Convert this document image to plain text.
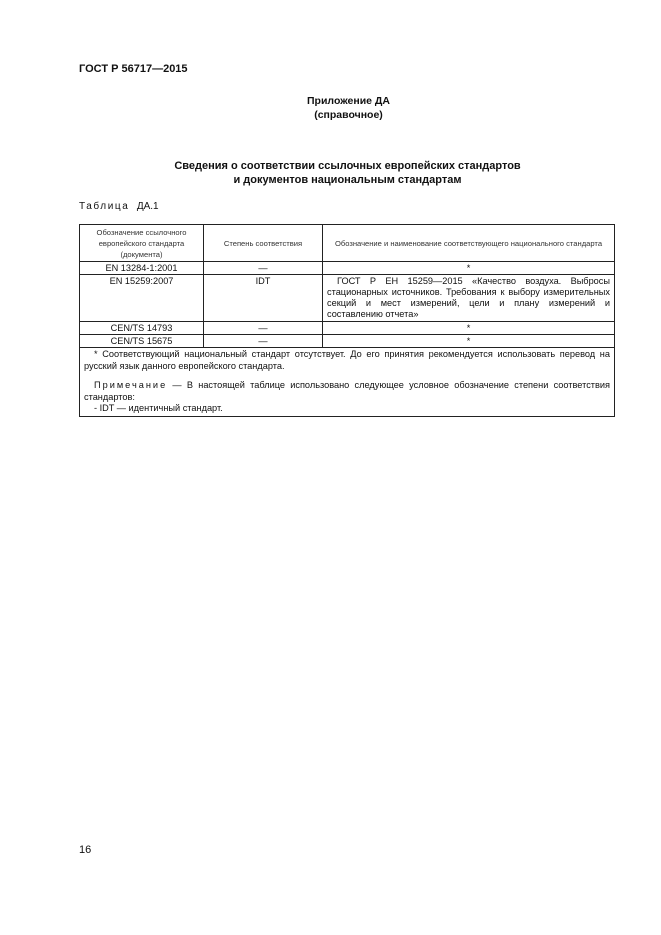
ГОСТ Р 56717—2015
Приложение ДА
(справочное)
Сведения о соответствии ссылочных европейских стандартов
и документов национальным стандартам
Таблица ДА.1
Обозначение ссылочного европейского стандарта (документа)	Степень соответствия	Обозначение и наименование соответствующего национального стандарта
EN 13284-1:2001	—	*
EN 15259:2007	IDT	ГОСТ Р ЕН 15259—2015 «Качество воздуха. Выбросы стационарных источников. Требования к выбору измерительных секций и мест измерений, цели и плану измерений и составлению отчета»

CEN/TS 14793	—	*
CEN/TS 15675	—	*

* Соответствующий национальный стандарт отсутствует. До его принятия рекомендуется использовать перевод на русский язык данного европейского стандарта.
Примечание — В настоящей таблице использовано следующее условное обозначение степени соответствия стандартов:
- IDT — идентичный стандарт.		
16
